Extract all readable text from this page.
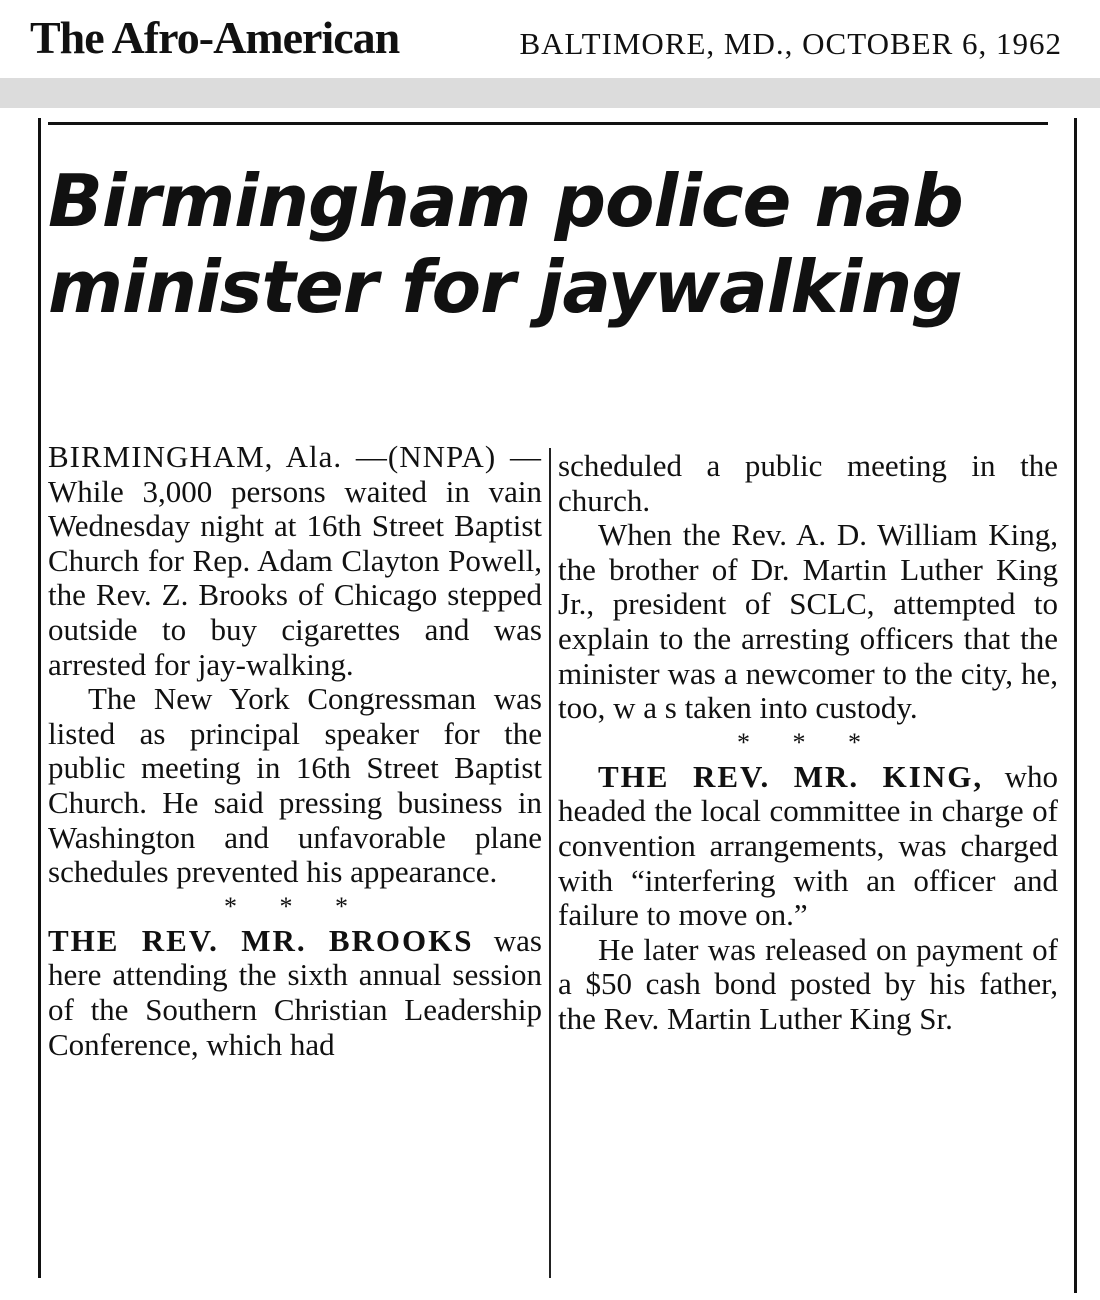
The Afro-American	BALTIMORE, MD., OCTOBER 6, 1962
Birmingham police nab
minister for jaywalking

BIRMINGHAM, Ala. —(NNPA) — While 3,000 persons waited in vain Wednesday night at 16th Street Baptist Church for Rep. Adam Clayton Powell, the Rev. Z. Brooks of Chicago stepped outside to buy cigarettes and was arrested for jay-walking.

The New York Congressman was listed as principal speaker for the public meeting in 16th Street Baptist Church. He said pressing business in Washington and unfavorable plane schedules prevented his appearance.

* * *

THE REV. MR. BROOKS was here attending the sixth annual session of the Southern Christian Leadership Conference, which had

scheduled a public meeting in the church.

When the Rev. A. D. William King, the brother of Dr. Martin Luther King Jr., president of SCLC, attempted to explain to the arresting officers that the minister was a newcomer to the city, he, too, w a s taken into custody.

* * *

THE REV. MR. KING, who headed the local committee in charge of convention arrangements, was charged with “interfering with an officer and failure to move on.”

He later was released on payment of a $50 cash bond posted by his father, the Rev. Martin Luther King Sr.
